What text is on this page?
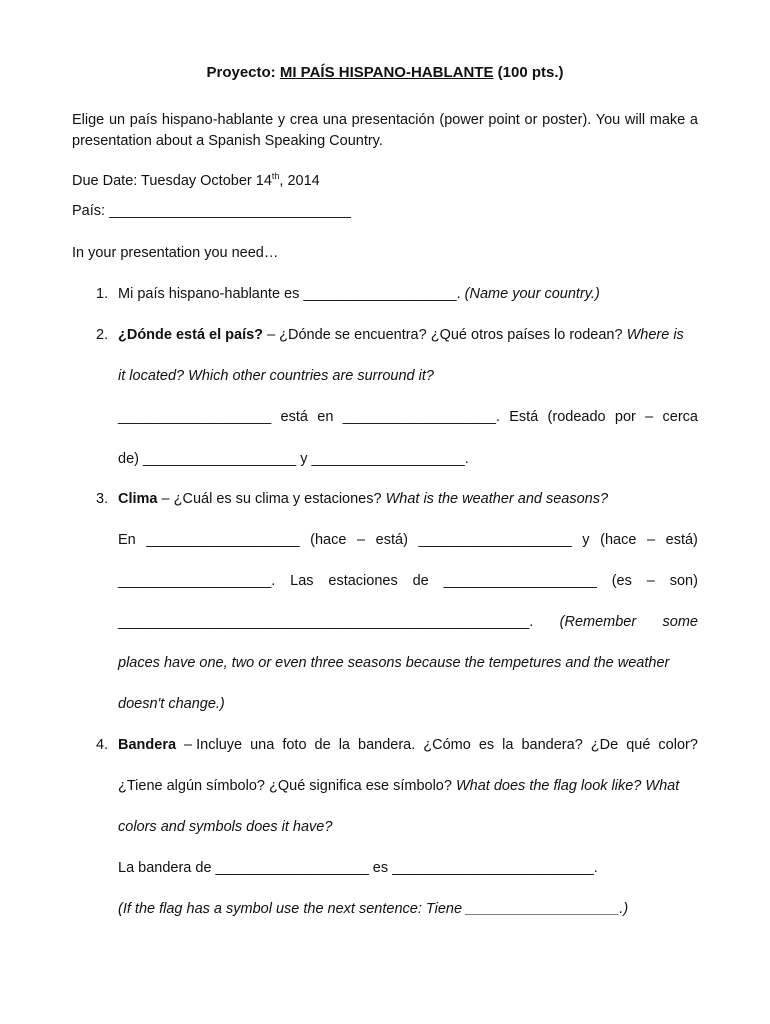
Proyecto: MI PAÍS HISPANO-HABLANTE (100 pts.)
Elige un país hispano-hablante y crea una presentación (power point or poster). You will make a presentation about a Spanish Speaking Country.
Due Date: Tuesday October 14th, 2014
País: ______________________________
In your presentation you need…
1. Mi país hispano-hablante es ___________________. (Name your country.)
2. ¿Dónde está el país? – ¿Dónde se encuentra? ¿Qué otros países lo rodean? Where is
it located? Which other countries are surround it?
___________________ está en ___________________. Está (rodeado por – cerca
de) ___________________ y ___________________.
3. Clima – ¿Cuál es su clima y estaciones? What is the weather and seasons?
En ___________________ (hace – está) ___________________ y (hace – está)
___________________. Las estaciones de ___________________ (es – son)
___________________________________________________. (Remember some
places have one, two or even three seasons because the tempetures and the weather
doesn't change.)
4. Bandera – Incluye una foto de la bandera. ¿Cómo es la bandera? ¿De qué color?
¿Tiene algún símbolo? ¿Qué significa ese símbolo? What does the flag look like? What
colors and symbols does it have?
La bandera de ___________________ es _________________________.
(If the flag has a symbol use the next sentence: Tiene ___________________.)
